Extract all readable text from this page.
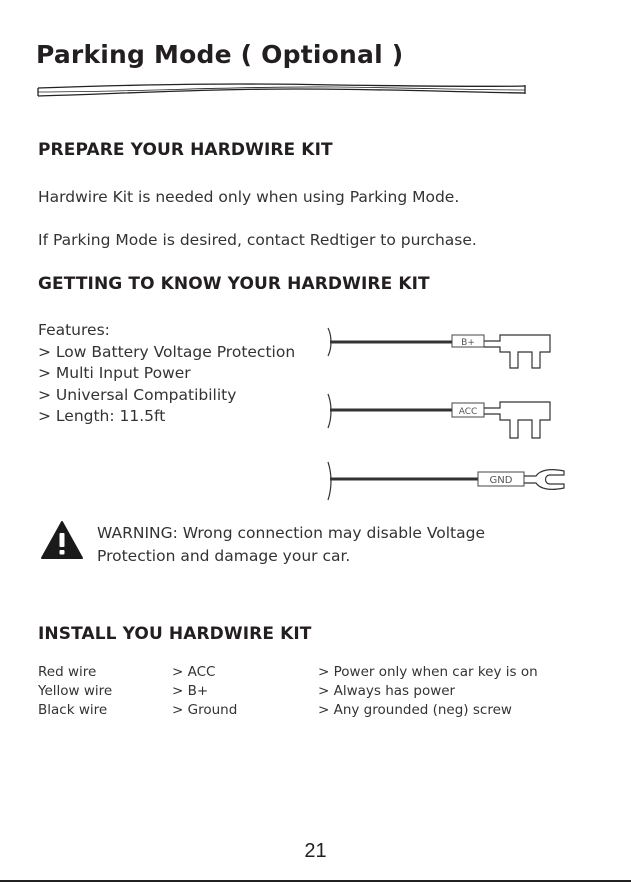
Parking Mode ( Optional )
PREPARE YOUR HARDWIRE KIT
Hardwire Kit is needed only when using Parking Mode.
If Parking Mode is desired, contact Redtiger to purchase.
GETTING TO KNOW YOUR HARDWIRE KIT
Features:
> Low Battery Voltage Protection
> Multi Input Power
> Universal Compatibility
> Length: 11.5ft
B+
ACC
GND
WARNING: Wrong connection may disable Voltage
Protection and damage your car.
INSTALL YOU HARDWIRE KIT
Red wire	> ACC	> Power only when car key is on
Yellow wire	> B+	> Always has power
Black wire	> Ground	> Any grounded (neg) screw
21
